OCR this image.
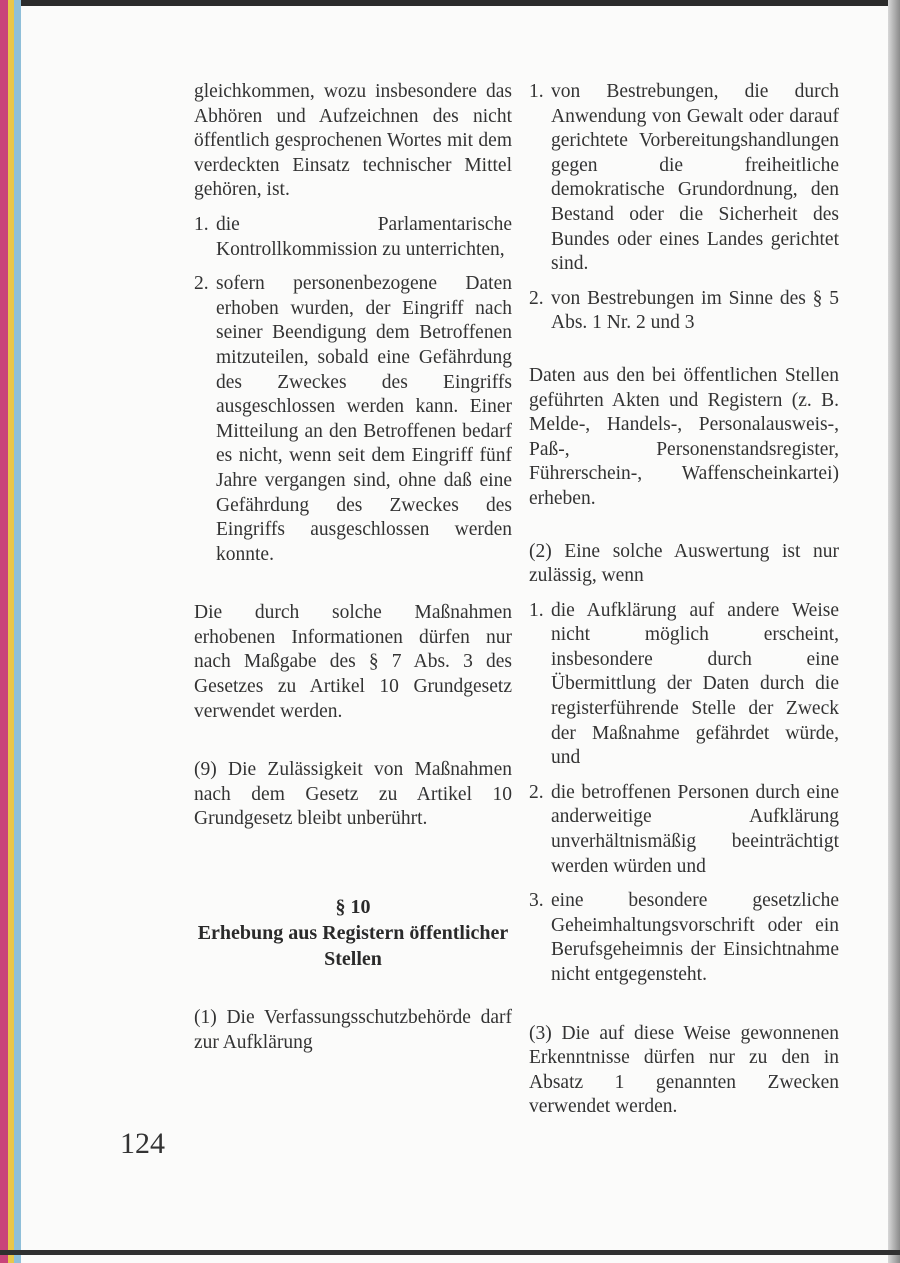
gleichkommen, wozu insbesondere das Abhören und Aufzeichnen des nicht öffentlich gesprochenen Wortes mit dem verdeckten Einsatz technischer Mittel gehören, ist.

1. die Parlamentarische Kontrollkommission zu unterrichten,
2. sofern personenbezogene Daten erhoben wurden, der Eingriff nach seiner Beendigung dem Betroffenen mitzuteilen, sobald eine Gefährdung des Zweckes des Eingriffs ausgeschlossen werden kann. Einer Mitteilung an den Betroffenen bedarf es nicht, wenn seit dem Eingriff fünf Jahre vergangen sind, ohne daß eine Gefährdung des Zweckes des Eingriffs ausgeschlossen werden konnte.

Die durch solche Maßnahmen erhobenen Informationen dürfen nur nach Maßgabe des § 7 Abs. 3 des Gesetzes zu Artikel 10 Grundgesetz verwendet werden.

(9) Die Zulässigkeit von Maßnahmen nach dem Gesetz zu Artikel 10 Grundgesetz bleibt unberührt.

§ 10
Erhebung aus Registern öffentlicher Stellen

(1) Die Verfassungsschutzbehörde darf zur Aufklärung

1. von Bestrebungen, die durch Anwendung von Gewalt oder darauf gerichtete Vorbereitungshandlungen gegen die freiheitliche demokratische Grundordnung, den Bestand oder die Sicherheit des Bundes oder eines Landes gerichtet sind.
2. von Bestrebungen im Sinne des § 5 Abs. 1 Nr. 2 und 3

Daten aus den bei öffentlichen Stellen geführten Akten und Registern (z. B. Melde-, Handels-, Personalausweis-, Paß-, Personenstandsregister, Führerschein-, Waffenscheinkartei) erheben.

(2) Eine solche Auswertung ist nur zulässig, wenn

1. die Aufklärung auf andere Weise nicht möglich erscheint, insbesondere durch eine Übermittlung der Daten durch die registerführende Stelle der Zweck der Maßnahme gefährdet würde, und
2. die betroffenen Personen durch eine anderweitige Aufklärung unverhältnismäßig beeinträchtigt werden würden und
3. eine besondere gesetzliche Geheimhaltungsvorschrift oder ein Berufsgeheimnis der Einsichtnahme nicht entgegensteht.

(3) Die auf diese Weise gewonnenen Erkenntnisse dürfen nur zu den in Absatz 1 genannten Zwecken verwendet werden.

124
